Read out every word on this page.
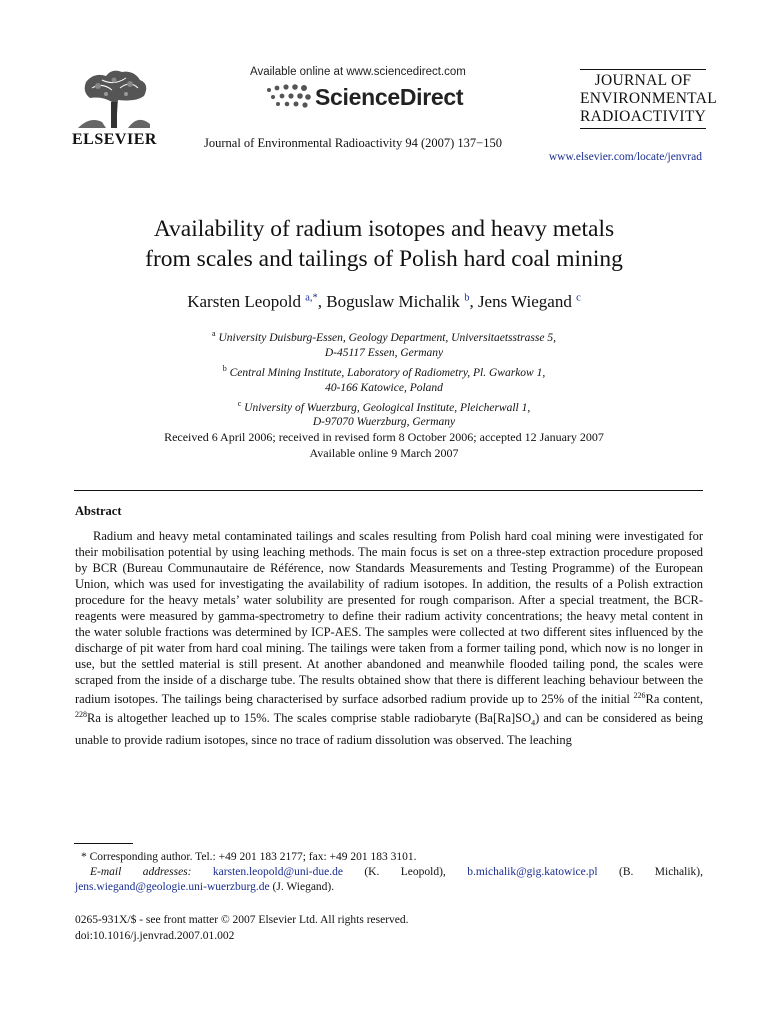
ELSEVIER
Available online at www.sciencedirect.com
ScienceDirect
Journal of Environmental Radioactivity 94 (2007) 137−150
JOURNAL OF
ENVIRONMENTAL
RADIOACTIVITY
www.elsevier.com/locate/jenvrad
Availability of radium isotopes and heavy metals
from scales and tailings of Polish hard coal mining
Karsten Leopold $^{a,*}$, Boguslaw Michalik $^b$, Jens Wiegand $^c$
$^a$ University Duisburg-Essen, Geology Department, Universitaetsstrasse 5,
D-45117 Essen, Germany
$^b$ Central Mining Institute, Laboratory of Radiometry, Pl. Gwarkow 1,
40-166 Katowice, Poland
$^c$ University of Wuerzburg, Geological Institute, Pleicherwall 1,
D-97070 Wuerzburg, Germany
Received 6 April 2006; received in revised form 8 October 2006; accepted 12 January 2007
Available online 9 March 2007
Abstract

Radium and heavy metal contaminated tailings and scales resulting from Polish hard coal mining were investigated for their mobilisation potential by using leaching methods. The main focus is set on a three-step extraction procedure proposed by BCR (Bureau Communautaire de Référence, now Standards Measurements and Testing Programme) of the European Union, which was used for investigating the availability of radium isotopes. In addition, the results of a Polish extraction procedure for the heavy metals’ water solubility are presented for rough comparison. After a special treatment, the BCR-reagents were measured by gamma-spectrometry to define their radium activity concentrations; the heavy metal content in the water soluble fractions was determined by ICP-AES. The samples were collected at two different sites influenced by the discharge of pit water from hard coal mining. The tailings were taken from a former tailing pond, which now is no longer in use, but the settled material is still present. At another abandoned and meanwhile flooded tailing pond, the scales were scraped from the inside of a discharge tube. The results obtained show that there is different leaching behaviour between the radium isotopes. The tailings being characterised by surface adsorbed radium provide up to 25% of the initial $^{226}$Ra content, $^{228}$Ra is altogether leached up to 15%. The scales comprise stable radiobaryte $(Ba[Ra]SO_4)$ and can be considered as being unable to provide radium isotopes, since no trace of radium dissolution was observed. The leaching

* Corresponding author. Tel.: +49 201 183 2177; fax: +49 201 183 3101.
E-mail addresses: karsten.leopold@uni-due.de (K. Leopold), b.michalik@gig.katowice.pl (B. Michalik), jens.wiegand@geologie.uni-wuerzburg.de (J. Wiegand).
0265-931X/$ - see front matter © 2007 Elsevier Ltd. All rights reserved.
doi:10.1016/j.jenvrad.2007.01.002
